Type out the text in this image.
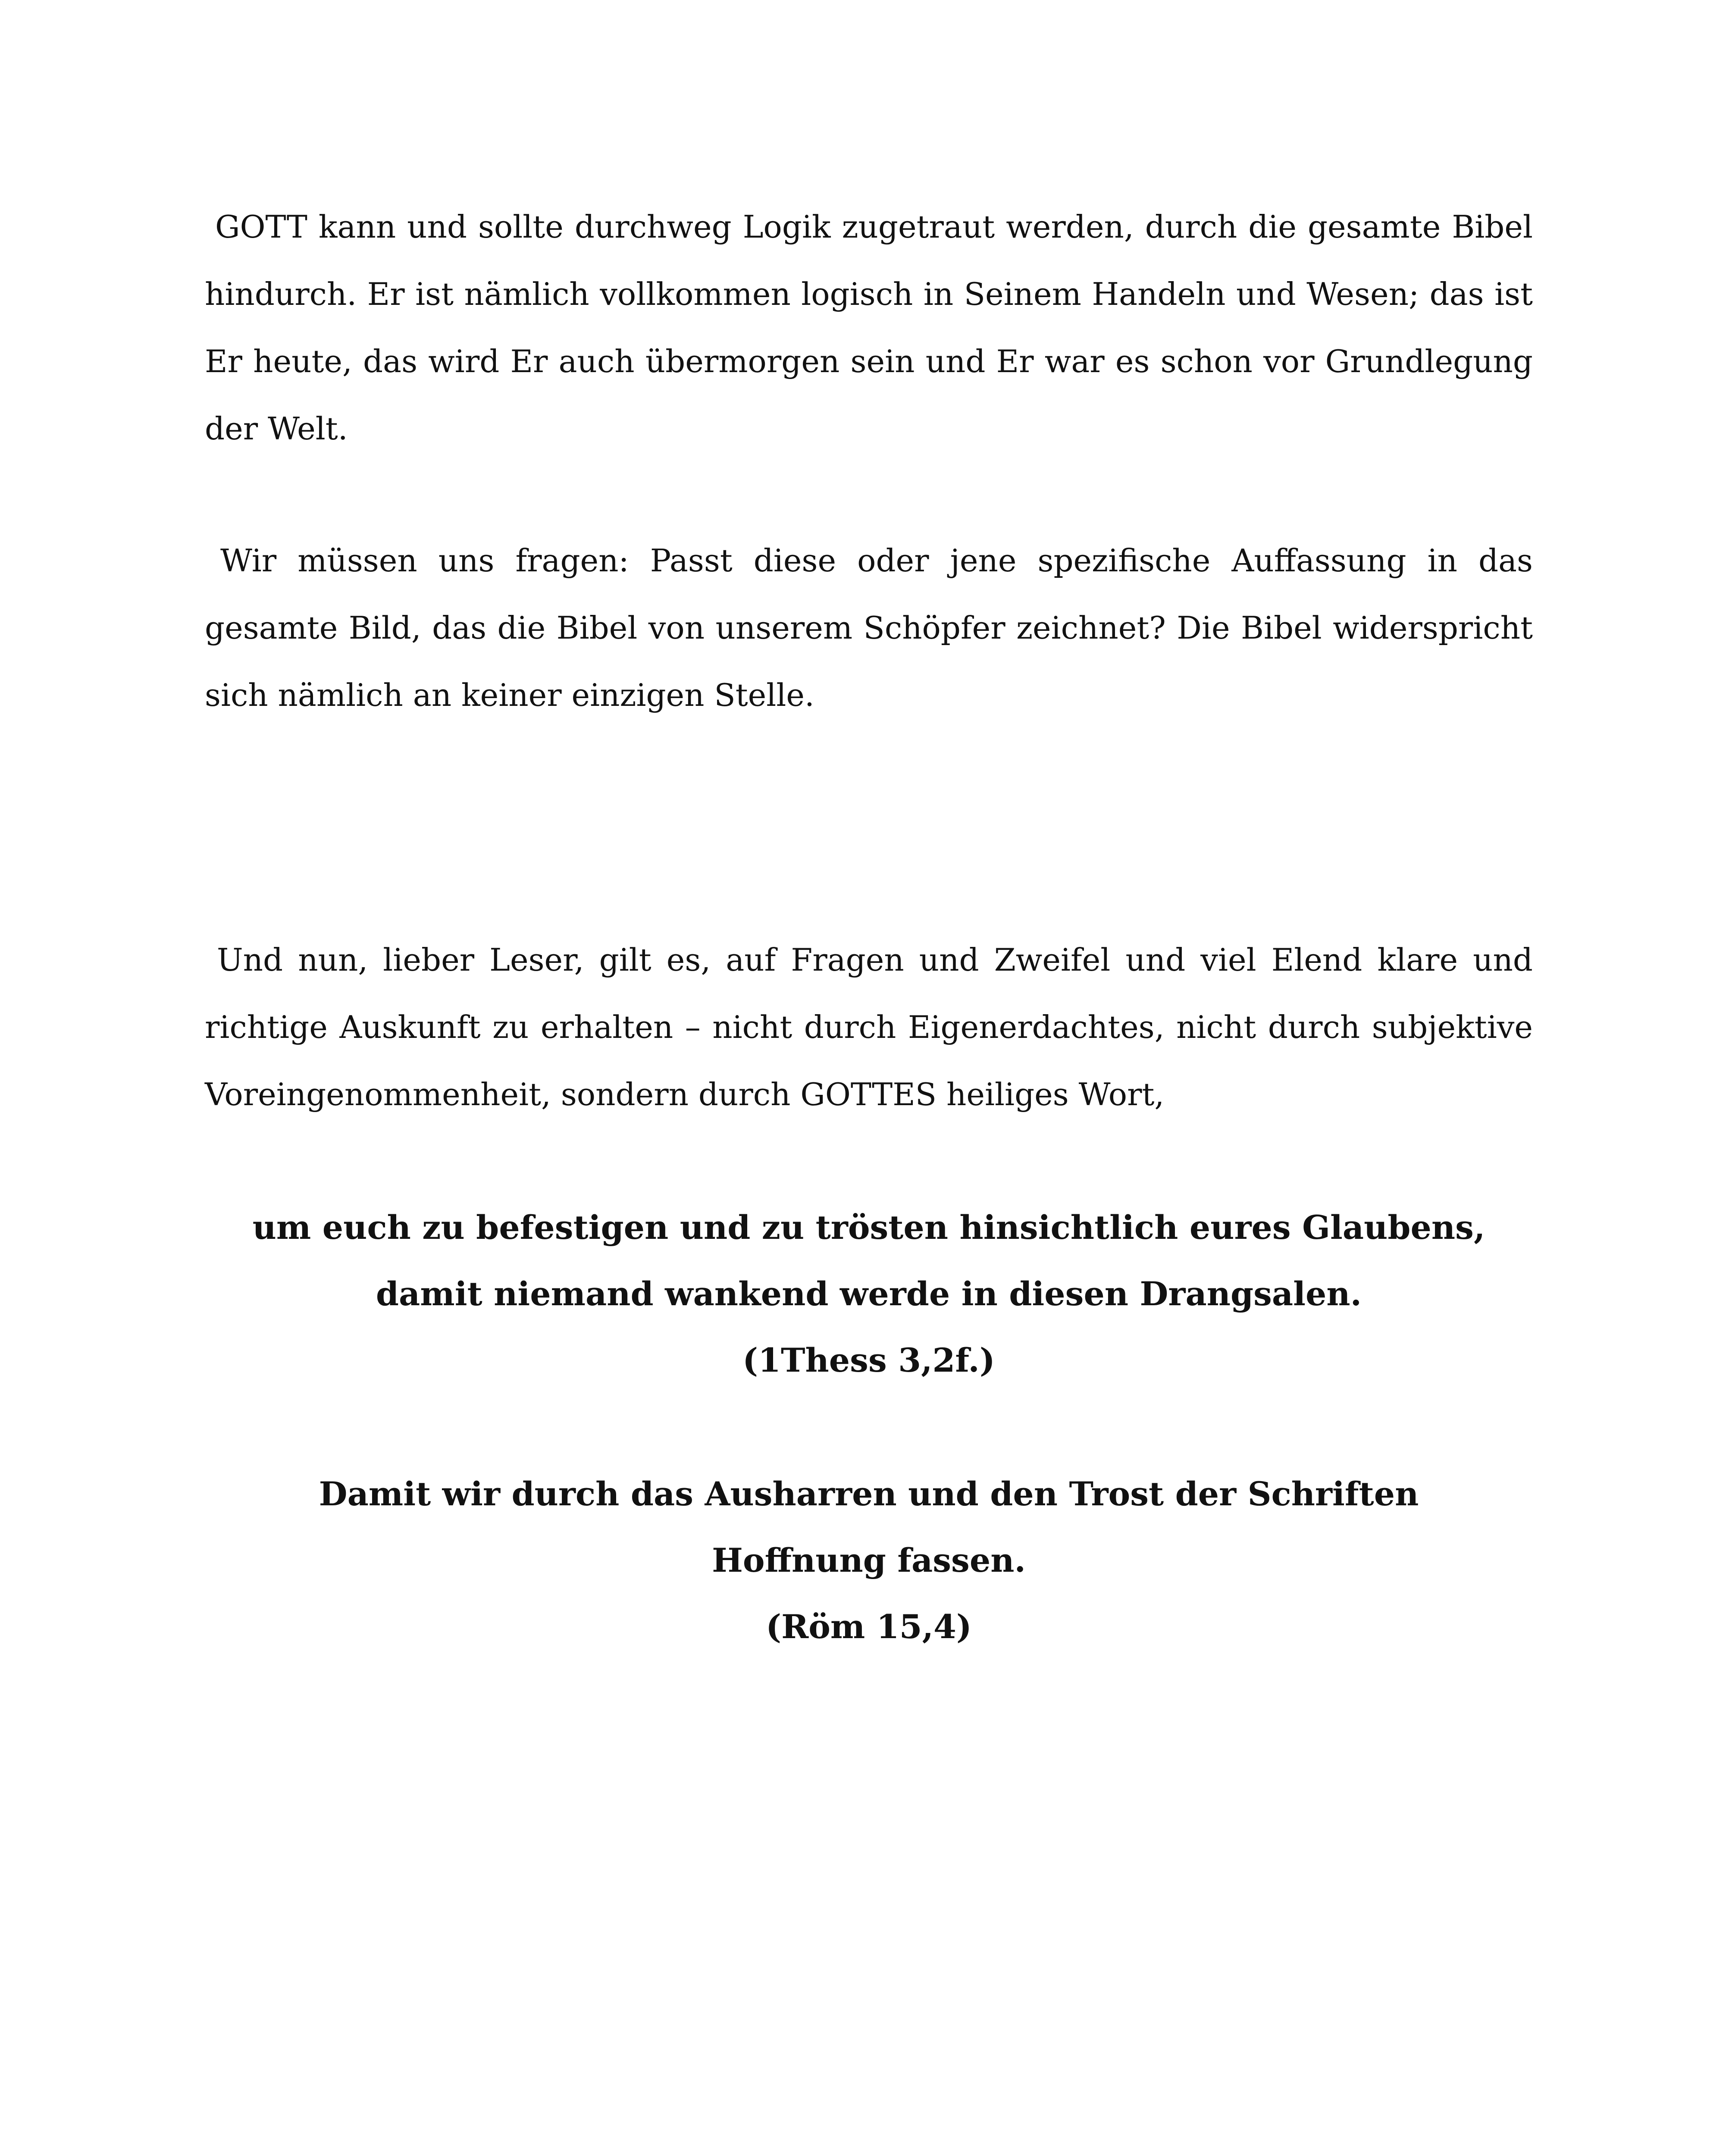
GOTT kann und sollte durchweg Logik zugetraut werden, durch die gesamte Bibel hindurch. Er ist nämlich vollkommen logisch in Seinem Handeln und Wesen; das ist Er heute, das wird Er auch übermorgen sein und Er war es schon vor Grundlegung der Welt.

Wir müssen uns fragen: Passt diese oder jene spezifische Auffassung in das gesamte Bild, das die Bibel von unserem Schöpfer zeichnet? Die Bibel widerspricht sich nämlich an keiner einzigen Stelle.

Und nun, lieber Leser, gilt es, auf Fragen und Zweifel und viel Elend klare und richtige Auskunft zu erhalten – nicht durch Eigenerdachtes, nicht durch subjektive Voreingenommenheit, sondern durch GOTTES heiliges Wort,

um euch zu befestigen und zu trösten hinsichtlich eures Glaubens,
damit niemand wankend werde in diesen Drangsalen.
(1Thess 3,2f.)
Damit wir durch das Ausharren und den Trost der Schriften
Hoffnung fassen.
(Röm 15,4)
